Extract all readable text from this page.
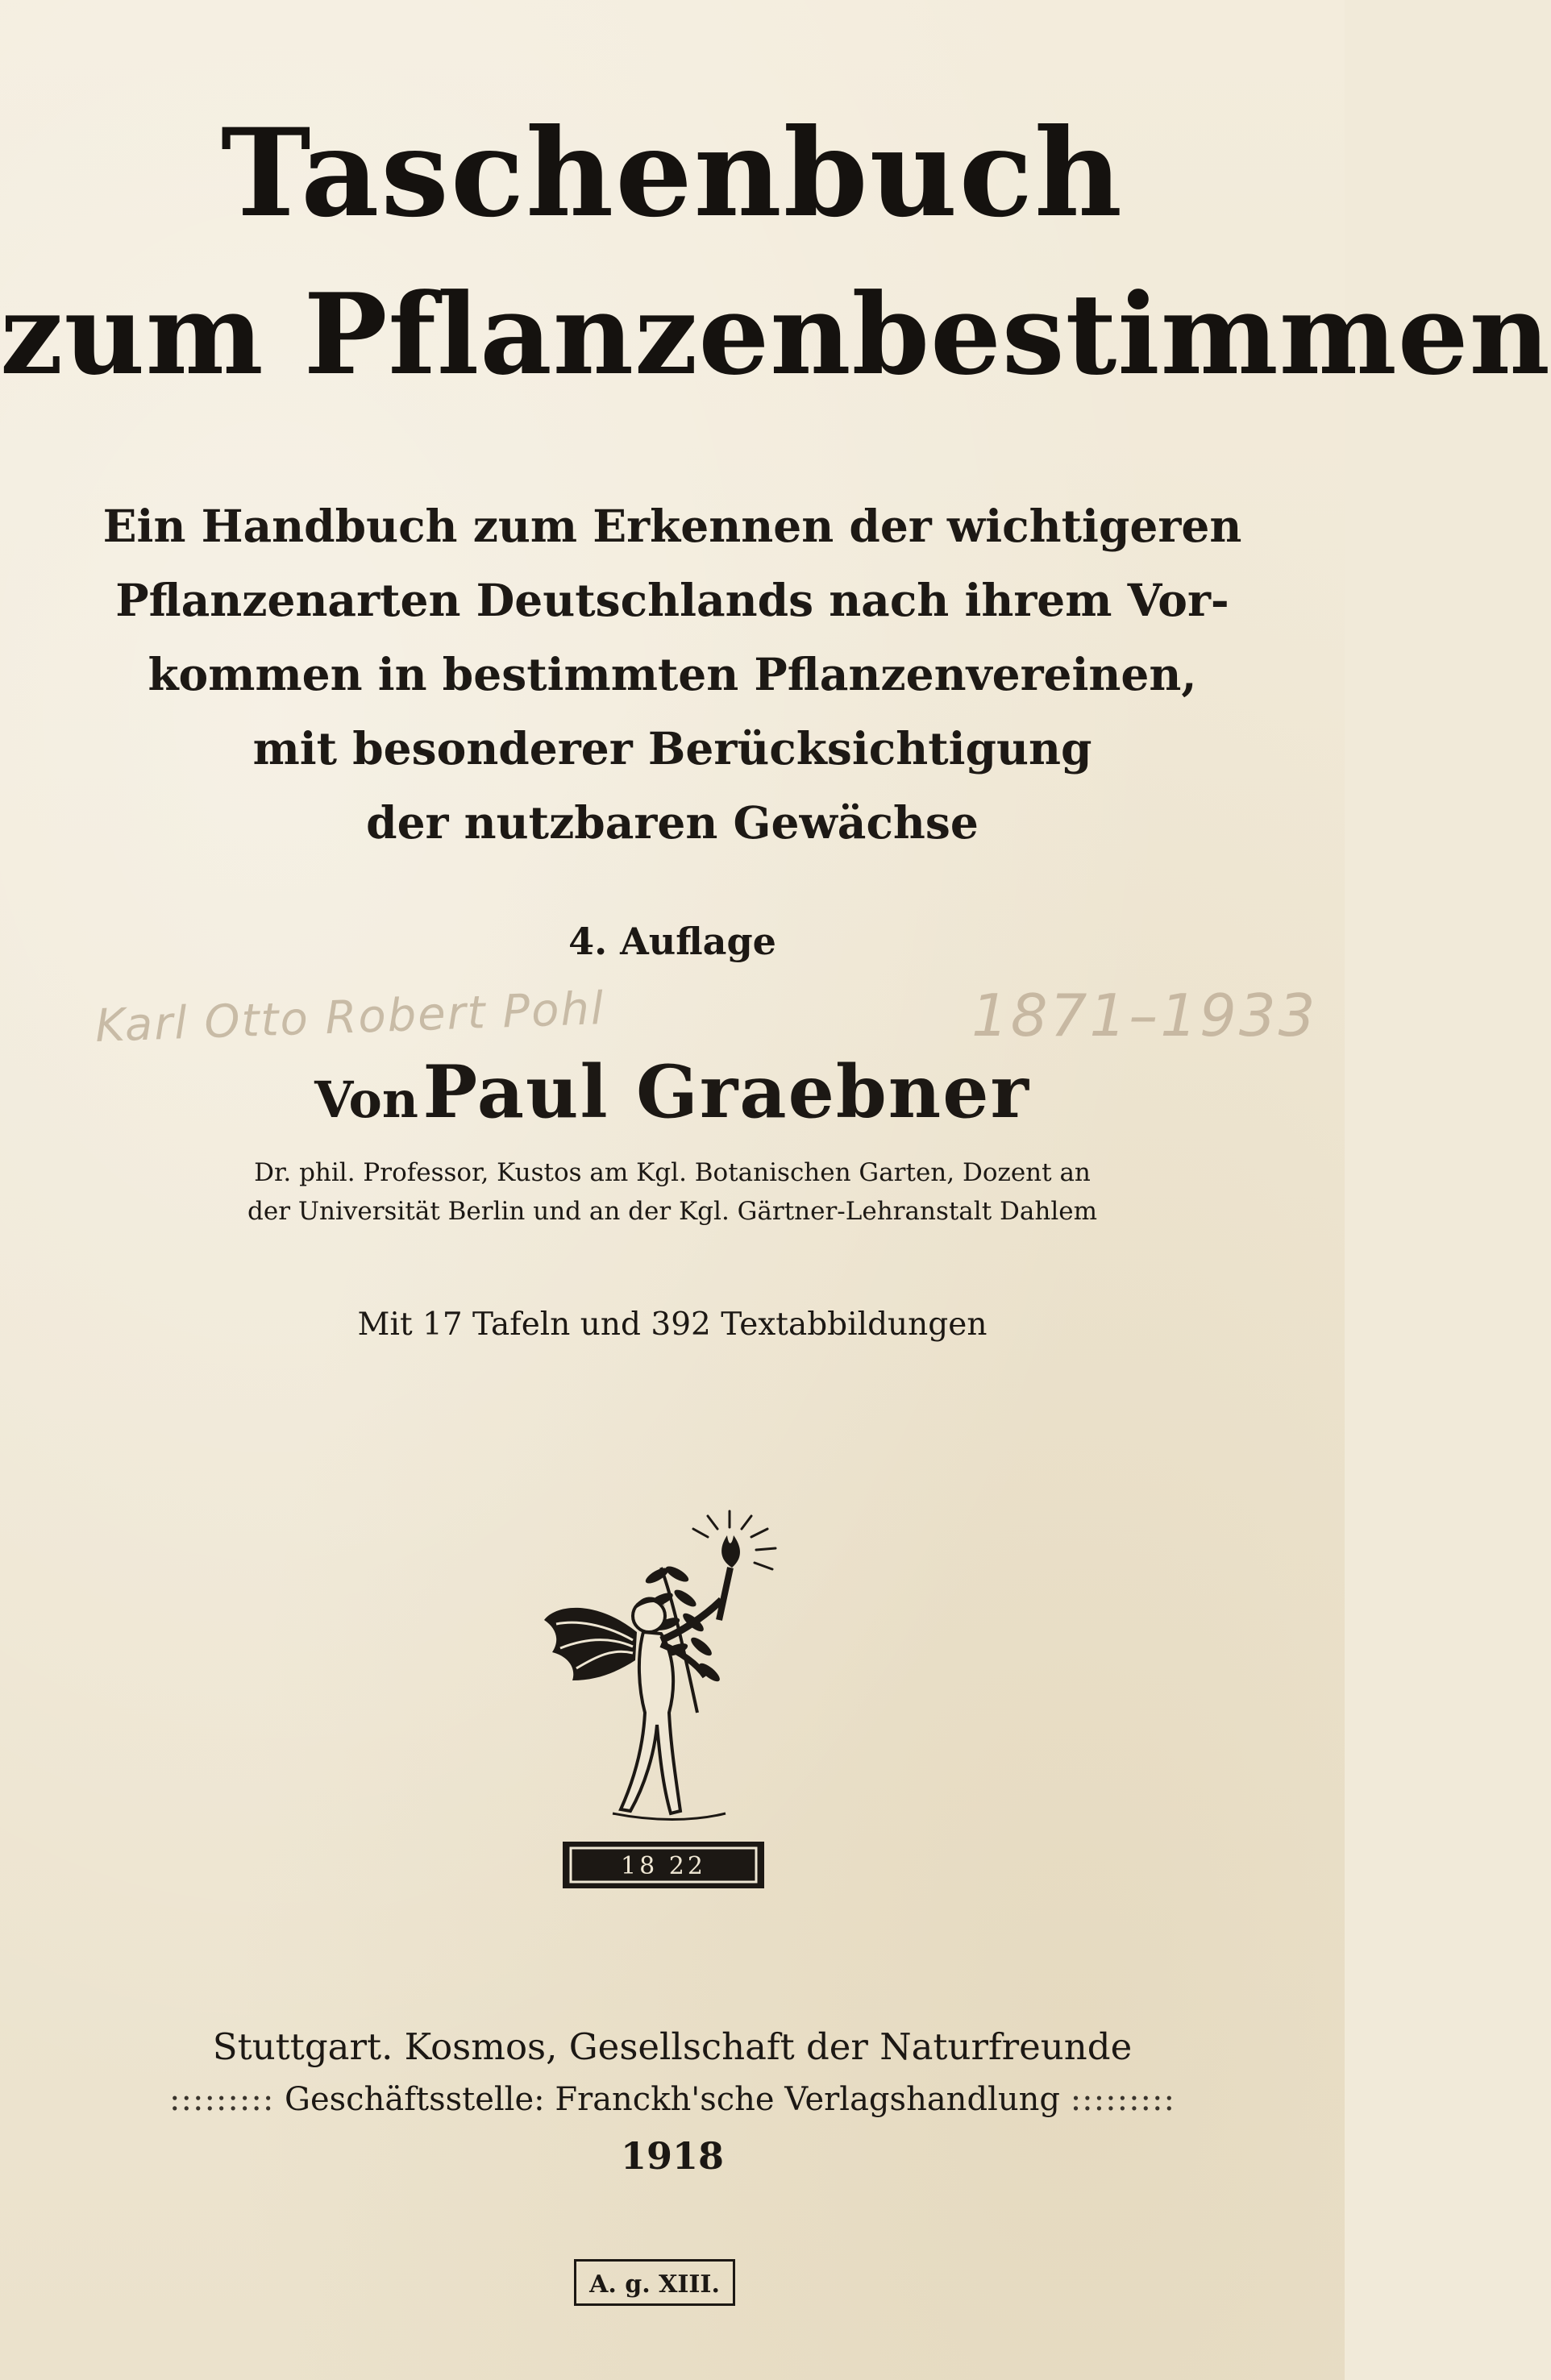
Taschenbuch
zum Pflanzenbestimmen
Ein Handbuch zum Erkennen der wichtigeren
Pflanzenarten Deutschlands nach ihrem Vor-
kommen in bestimmten Pflanzenvereinen,
mit besonderer Berücksichtigung
der nutzbaren Gewächse
4. Auflage
Karl Otto Robert Pohl	1871–1933
Von Paul Graebner
Dr. phil. Professor, Kustos am Kgl. Botanischen Garten, Dozent an
der Universität Berlin und an der Kgl. Gärtner-Lehranstalt Dahlem
Mit 17 Tafeln und 392 Textabbildungen
18 22
Stuttgart. Kosmos, Gesellschaft der Naturfreunde
::::::::: Geschäftsstelle: Franckh'sche Verlagshandlung :::::::::
1918
A. g. XIII.
